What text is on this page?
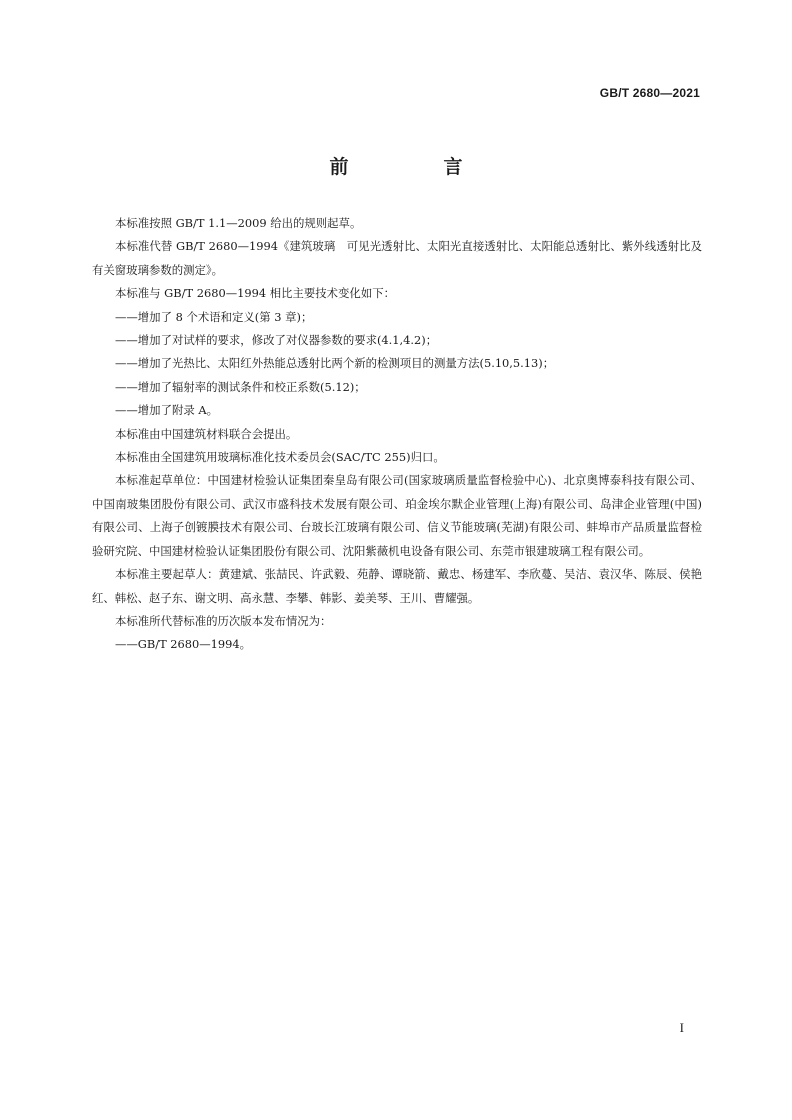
GB/T 2680—2021
前　言

本标准按照 GB/T 1.1—2009 给出的规则起草。

本标准代替 GB/T 2680—1994《建筑玻璃　可见光透射比、太阳光直接透射比、太阳能总透射比、紫外线透射比及有关窗玻璃参数的测定》。

本标准与 GB/T 2680—1994 相比主要技术变化如下：

——增加了 8 个术语和定义(第 3 章)；

——增加了对试样的要求，修改了对仪器参数的要求(4.1,4.2)；

——增加了光热比、太阳红外热能总透射比两个新的检测项目的测量方法(5.10,5.13)；

——增加了辐射率的测试条件和校正系数(5.12)；

——增加了附录 A。

本标准由中国建筑材料联合会提出。

本标准由全国建筑用玻璃标准化技术委员会(SAC/TC 255)归口。

本标准起草单位：中国建材检验认证集团秦皇岛有限公司(国家玻璃质量监督检验中心)、北京奥博泰科技有限公司、中国南玻集团股份有限公司、武汉市盛科技术发展有限公司、珀金埃尔默企业管理(上海)有限公司、岛津企业管理(中国)有限公司、上海子创镀膜技术有限公司、台玻长江玻璃有限公司、信义节能玻璃(芜湖)有限公司、蚌埠市产品质量监督检验研究院、中国建材检验认证集团股份有限公司、沈阳紫薇机电设备有限公司、东莞市银建玻璃工程有限公司。

本标准主要起草人：黄建斌、张喆民、许武毅、苑静、谭晓箭、戴忠、杨建军、李欣蔓、吴洁、袁汉华、陈辰、侯艳红、韩松、赵子东、谢文明、高永慧、李攀、韩影、姜美琴、王川、曹耀强。

本标准所代替标准的历次版本发布情况为：

——GB/T 2680—1994。

I
